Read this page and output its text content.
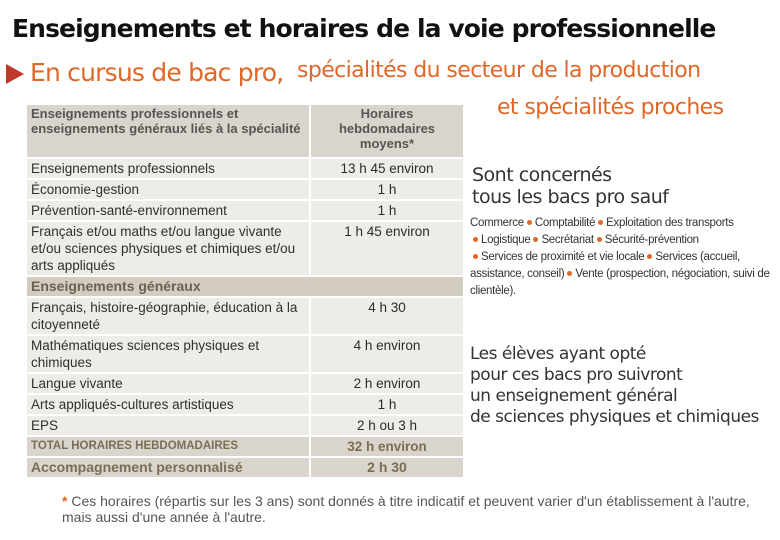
Enseignements et horaires de la voie professionnelle
En cursus de bac pro, spécialités du secteur de la production
et spécialités proches
Enseignements professionnels et enseignements généraux liés à la spécialité	Horaires hebdomadaires moyens*
Enseignements professionnels	13 h 45 environ
Économie-gestion	1 h
Prévention-santé-environnement	1 h
Français et/ou maths et/ou langue vivante et/ou sciences physiques et chimiques et/ou arts appliqués	1 h 45 environ
Enseignements généraux	
Français, histoire-géographie, éducation à la citoyenneté	4 h 30
Mathématiques sciences physiques et chimiques	4 h environ
Langue vivante	2 h environ
Arts appliqués-cultures artistiques	1 h
EPS	2 h ou 3 h
TOTAL HORAIRES HEBDOMADAIRES	32 h environ
Accompagnement personnalisé	2 h 30
Sont concernés
tous les bacs pro sauf
Commerce Comptabilité Exploitation des transports
Logistique Secrétariat Sécurité-prévention
Services de proximité et vie locale Services (accueil, assistance, conseil) Vente (prospection, négociation, suivi de clientèle).
Les élèves ayant opté
pour ces bacs pro suivront
un enseignement général
de sciences physiques et chimiques
* Ces horaires (répartis sur les 3 ans) sont donnés à titre indicatif et peuvent varier d'un établissement à l'autre, mais aussi d'une année à l'autre.
